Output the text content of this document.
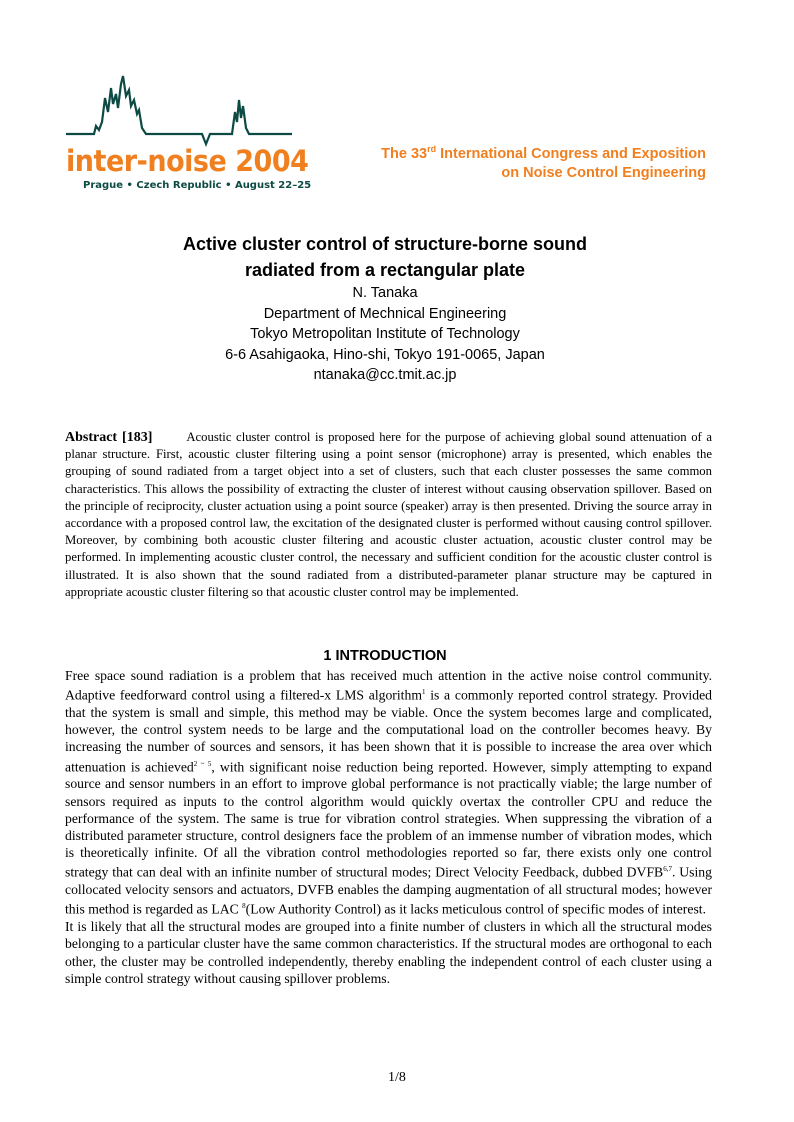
inter-noise 2004
Prague • Czech Republic • August 22–25
The 33rd International Congress and Exposition
on Noise Control Engineering
Active cluster control of structure-borne sound
radiated from a rectangular plate
N. Tanaka
Department of Mechnical Engineering
Tokyo Metropolitan Institute of Technology
6-6 Asahigaoka, Hino-shi, Tokyo 191-0065, Japan
ntanaka@cc.tmit.ac.jp
Abstract [183]	Acoustic cluster control is proposed here for the purpose of achieving global sound attenuation of a planar structure. First, acoustic cluster filtering using a point sensor (microphone) array is presented, which enables the grouping of sound radiated from a target object into a set of clusters, such that each cluster possesses the same common characteristics. This allows the possibility of extracting the cluster of interest without causing observation spillover. Based on the principle of reciprocity, cluster actuation using a point source (speaker) array is then presented. Driving the source array in accordance with a proposed control law, the excitation of the designated cluster is performed without causing control spillover. Moreover, by combining both acoustic cluster filtering and acoustic cluster actuation, acoustic cluster control may be performed. In implementing acoustic cluster control, the necessary and sufficient condition for the acoustic cluster control is illustrated. It is also shown that the sound radiated from a distributed-parameter planar structure may be captured in appropriate acoustic cluster filtering so that acoustic cluster control may be implemented.
1 INTRODUCTION

Free space sound radiation is a problem that has received much attention in the active noise control community. Adaptive feedforward control using a filtered-x LMS algorithm$^1$ is a commonly reported control strategy. Provided that the system is small and simple, this method may be viable. Once the system becomes large and complicated, however, the control system needs to be large and the computational load on the controller becomes heavy. By increasing the number of sources and sensors, it has been shown that it is possible to increase the area over which attenuation is achieved$^{2 \sim 5}$, with significant noise reduction being reported. However, simply attempting to expand source and sensor numbers in an effort to improve global performance is not practically viable; the large number of sensors required as inputs to the control algorithm would quickly overtax the controller CPU and reduce the performance of the system. The same is true for vibration control strategies. When suppressing the vibration of a distributed parameter structure, control designers face the problem of an immense number of vibration modes, which is theoretically infinite. Of all the vibration control methodologies reported so far, there exists only one control strategy that can deal with an infinite number of structural modes; Direct Velocity Feedback, dubbed DVFB$^{6,7}$. Using collocated velocity sensors and actuators, DVFB enables the damping augmentation of all structural modes; however this method is regarded as LAC $^8$(Low Authority Control) as it lacks meticulous control of specific modes of interest.

It is likely that all the structural modes are grouped into a finite number of clusters in which all the structural modes belonging to a particular cluster have the same common characteristics. If the structural modes are orthogonal to each other, the cluster may be controlled independently, thereby enabling the independent control of each cluster using a simple control strategy without causing spillover problems.

1/8
